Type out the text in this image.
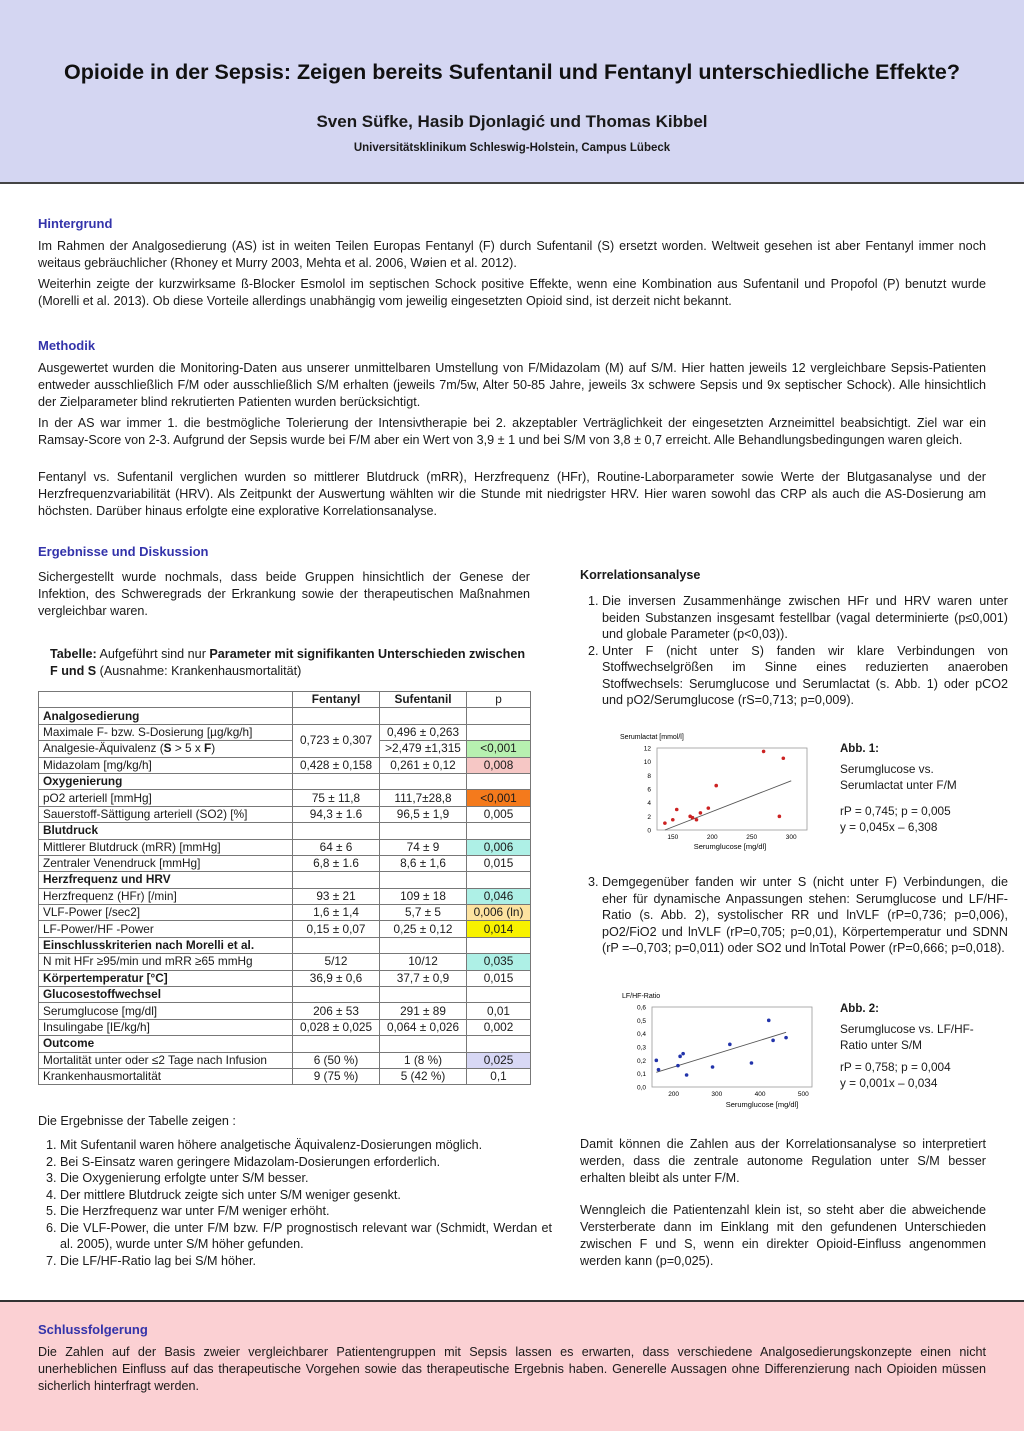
Opioide in der Sepsis: Zeigen bereits Sufentanil und Fentanyl unterschiedliche Effekte?
Sven Süfke, Hasib Djonlagić und Thomas Kibbel
Universitätsklinikum Schleswig-Holstein, Campus Lübeck
Hintergrund

Im Rahmen der Analgosedierung (AS) ist in weiten Teilen Europas Fentanyl (F) durch Sufentanil (S) ersetzt worden. Weltweit gesehen ist aber Fentanyl immer noch weitaus gebräuchlicher (Rhoney et Murry 2003, Mehta et al. 2006, Wøien et al. 2012).

Weiterhin zeigte der kurzwirksame ß-Blocker Esmolol im septischen Schock positive Effekte, wenn eine Kombination aus Sufentanil und Propofol (P) benutzt wurde (Morelli et al. 2013). Ob diese Vorteile allerdings unabhängig vom jeweilig eingesetzten Opioid sind, ist derzeit nicht bekannt.

Methodik

Ausgewertet wurden die Monitoring-Daten aus unserer unmittelbaren Umstellung von F/Midazolam (M) auf S/M. Hier hatten jeweils 12 vergleichbare Sepsis-Patienten entweder ausschließlich F/M oder ausschließlich S/M erhalten (jeweils 7m/5w, Alter 50-85 Jahre, jeweils 3x schwere Sepsis und 9x septischer Schock). Alle hinsichtlich der Zielparameter blind rekrutierten Patienten wurden berücksichtigt.

In der AS war immer 1. die bestmögliche Tolerierung der Intensivtherapie bei 2. akzeptabler Verträglichkeit der eingesetzten Arzneimittel beabsichtigt. Ziel war ein Ramsay-Score von 2-3. Aufgrund der Sepsis wurde bei F/M aber ein Wert von 3,9 ± 1 und bei S/M von 3,8 ± 0,7 erreicht. Alle Behandlungsbedingungen waren gleich.

Fentanyl vs. Sufentanil verglichen wurden so mittlerer Blutdruck (mRR), Herzfrequenz (HFr), Routine-Laborparameter sowie Werte der Blutgasanalyse und der Herzfrequenzvariabilität (HRV). Als Zeitpunkt der Auswertung wählten wir die Stunde mit niedrigster HRV. Hier waren sowohl das CRP als auch die AS-Dosierung am höchsten. Darüber hinaus erfolgte eine explorative Korrelationsanalyse.

Ergebnisse und Diskussion

Sichergestellt wurde nochmals, dass beide Gruppen hinsichtlich der Genese der Infektion, des Schweregrads der Erkrankung sowie der therapeutischen Maßnahmen vergleichbar waren.

Tabelle: Aufgeführt sind nur Parameter mit signifikanten Unterschieden zwischen F und S (Ausnahme: Krankenhausmortalität)
	Fentanyl	Sufentanil	p
Analgosedierung			
Maximale F- bzw. S-Dosierung [µg/kg/h]	0,723 ± 0,307	0,496 ± 0,263	
Analgesie-Äquivalenz (S > 5 x F)		>2,479 ±1,315	<0,001
Midazolam [mg/kg/h]	0,428 ± 0,158	0,261 ± 0,12	0,008
Oxygenierung			
pO2 arteriell [mmHg]	75 ± 11,8	111,7±28,8	<0,001
Sauerstoff-Sättigung arteriell (SO2) [%]	94,3 ± 1.6	96,5 ± 1,9	0,005
Blutdruck			
Mittlerer Blutdruck (mRR) [mmHg]	64 ± 6	74 ± 9	0,006
Zentraler Venendruck [mmHg]	6,8 ± 1.6	8,6 ± 1,6	0,015
Herzfrequenz und HRV			
Herzfrequenz (HFr) [/min]	93 ± 21	109 ± 18	0,046
VLF-Power [/sec2]	1,6 ± 1,4	5,7 ± 5	0,006 (ln)
LF-Power/HF -Power	0,15 ± 0,07	0,25 ± 0,12	0,014
Einschlusskriterien nach Morelli et al.			
N mit HFr ≥95/min und mRR ≥65 mmHg	5/12	10/12	0,035
Körpertemperatur [°C]	36,9 ± 0,6	37,7 ± 0,9	0,015
Glucosestoffwechsel			
Serumglucose [mg/dl]	206 ± 53	291 ± 89	0,01
Insulingabe [IE/kg/h]	0,028 ± 0,025	0,064 ± 0,026	0,002
Outcome			
Mortalität unter oder ≤2 Tage nach Infusion	6 (50 %)	1 (8 %)	0,025
Krankenhausmortalität	9 (75 %)	5 (42 %)	0,1
Die Ergebnisse der Tabelle zeigen :
1. Mit Sufentanil waren höhere analgetische Äquivalenz-Dosierungen möglich.
2. Bei S-Einsatz waren geringere Midazolam-Dosierungen erforderlich.
3. Die Oxygenierung erfolgte unter S/M besser.
4. Der mittlere Blutdruck zeigte sich unter S/M weniger gesenkt.
5. Die Herzfrequenz war unter F/M weniger erhöht.
6. Die VLF-Power, die unter F/M bzw. F/P prognostisch relevant war (Schmidt, Werdan et al. 2005), wurde unter S/M höher gefunden.
7. Die LF/HF-Ratio lag bei S/M höher.
Korrelationsanalyse
1. Die inversen Zusammenhänge zwischen HFr und HRV waren unter beiden Substanzen insgesamt festellbar (vagal determinierte (p≤0,001) und globale Parameter (p<0,03)).
2. Unter F (nicht unter S) fanden wir klare Verbindungen von Stoffwechselgrößen im Sinne eines reduzierten anaeroben Stoffwechsels: Serumglucose und Serumlactat (s. Abb. 1) oder pCO2 und pO2/Serumglucose (rS=0,713; p=0,009).
Serumlactat [mmol/l]
0
2
4
6
8
10
12
150	200	250	300
Serumglucose [mg/dl]
Abb. 1:
Serumglucose vs. Serumlactat unter F/M
rP = 0,745; p = 0,005
y = 0,045x – 6,308
3. Demgegenüber fanden wir unter S (nicht unter F) Verbindungen, die eher für dynamische Anpassungen stehen: Serumglucose und LF/HF-Ratio (s. Abb. 2), systolischer RR und lnVLF (rP=0,736; p=0,006), pO2/FiO2 und lnVLF (rP=0,705; p=0,01), Körpertemperatur und SDNN (rP =–0,703; p=0,011) oder SO2 und lnTotal Power (rP=0,666; p=0,018).
LF/HF-Ratio
0,0
0,1
0,2
0,3
0,4
0,5
0,6
200	300	400	500
Serumglucose [mg/dl]
Abb. 2:
Serumglucose vs. LF/HF-Ratio unter S/M
rP = 0,758; p = 0,004
y = 0,001x – 0,034

Damit können die Zahlen aus der Korrelationsanalyse so interpretiert werden, dass die zentrale autonome Regulation unter S/M besser erhalten bleibt als unter F/M.

Wenngleich die Patientenzahl klein ist, so steht aber die abweichende Versterberate dann im Einklang mit den gefundenen Unterschieden zwischen F und S, wenn ein direkter Opioid-Einfluss angenommen werden kann (p=0,025).

Schlussfolgerung

Die Zahlen auf der Basis zweier vergleichbarer Patientengruppen mit Sepsis lassen es erwarten, dass verschiedene Analgosedierungskonzepte einen nicht unerheblichen Einfluss auf das therapeutische Vorgehen sowie das therapeutische Ergebnis haben. Generelle Aussagen ohne Differenzierung nach Opioiden müssen sicherlich hinterfragt werden.
